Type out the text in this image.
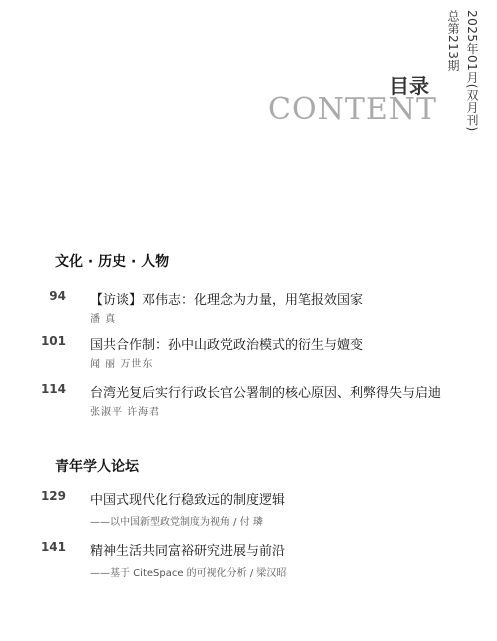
2025年01月(双月刊)
总第213期
目录
CONTENT
文化 · 历史 · 人物
94 【访谈】邓伟志：化理念为力量，用笔报效国家
潘 真
101 国共合作制：孙中山政党政治模式的衍生与嬗变
闻 丽 万世东
114 台湾光复后实行行政长官公署制的核心原因、利弊得失与启迪
张淑平 许海君
青年学人论坛
129 中国式现代化行稳致远的制度逻辑
——以中国新型政党制度为视角 / 付 璘
141 精神生活共同富裕研究进展与前沿
——基于 CiteSpace 的可视化分析 / 梁汉昭
